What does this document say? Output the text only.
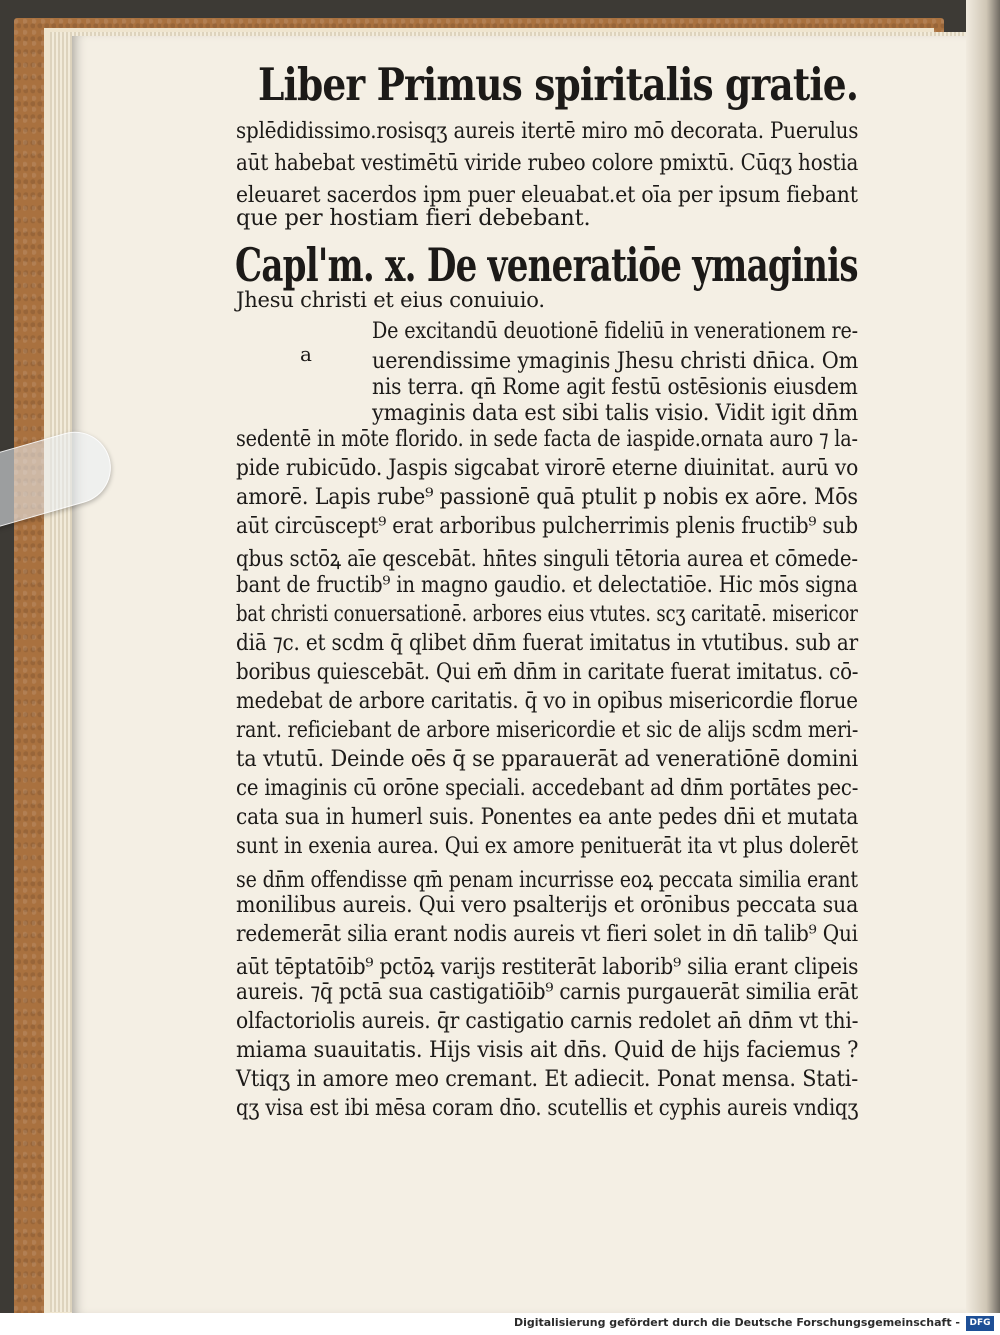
Liber Primus spiritalis gratie.
splēdidissimo.rosisqʒ aureis itertē miro mō decorata. Puerulus
aūt habebat vestimētū viride rubeo colore pmixtū. Cūqʒ hostia
eleuaret sacerdos ipm puer eleuabat.et oīa per ipsum fiebant
que per hostiam fieri debebant.
Capl'm. x. De veneratiōe ymaginis
Jhesu christi et eius conuiuio.
a
De excitandū deuotionē fideliū in venerationem re-
uerendissime ymaginis Jhesu christi dn̄ica. Om
nis terra. qn̄ Rome agit festū ostēsionis eiusdem
ymaginis data est sibi talis visio. Vidit igit dn̄m
sedentē in mōte florido. in sede facta de iaspide.ornata auro ⁊ la-
pide rubicūdo. Jaspis sigcabat virorē eterne diuinitat. aurū vo
amorē. Lapis rube⁹ passionē quā ptulit p nobis ex aōre. Mōs
aūt circūscept⁹ erat arboribus pulcherrimis plenis fructib⁹ sub
qbus sctōꝝ aīe qescebāt. hn̄tes singuli tētoria aurea et cōmede-
bant de fructib⁹ in magno gaudio. et delectatiōe. Hic mōs signa
bat christi conuersationē. arbores eius vtutes. scʒ caritatē. misericor
diā ⁊c. et scdm q̄ qlibet dn̄m fuerat imitatus in vtutibus. sub ar
boribus quiescebāt. Qui em̄ dn̄m in caritate fuerat imitatus. cō-
medebat de arbore caritatis. q̄ vo in opibus misericordie florue
rant. reficiebant de arbore misericordie et sic de alijs scdm meri-
ta vtutū. Deinde oēs q̄ se pparauerāt ad veneratiōnē domini
ce imaginis cū orōne speciali. accedebant ad dn̄m portātes pec-
cata sua in humerl suis. Ponentes ea ante pedes dn̄i et mutata
sunt in exenia aurea. Qui ex amore penituerāt ita vt plus dolerēt
se dn̄m offendisse qm̄ penam incurrisse eoꝝ peccata similia erant
monilibus aureis. Qui vero psalterijs et orōnibus peccata sua
redemerāt silia erant nodis aureis vt fieri solet in dn̄ talib⁹ Qui
aūt tēptatōib⁹ pctōꝝ varijs restiterāt laborib⁹ silia erant clipeis
aureis. ⁊q̄ pctā sua castigatiōib⁹ carnis purgauerāt similia erāt
olfactoriolis aureis. q̄r castigatio carnis redolet an̄ dn̄m vt thi-
miama suauitatis. Hijs visis ait dn̄s. Quid de hijs faciemus ?
Vtiqʒ in amore meo cremant. Et adiecit. Ponat mensa. Stati-
qʒ visa est ibi mēsa coram dn̄o. scutellis et cyphis aureis vndiqʒ
Digitalisierung gefördert durch die Deutsche Forschungsgemeinschaft -	DFG
